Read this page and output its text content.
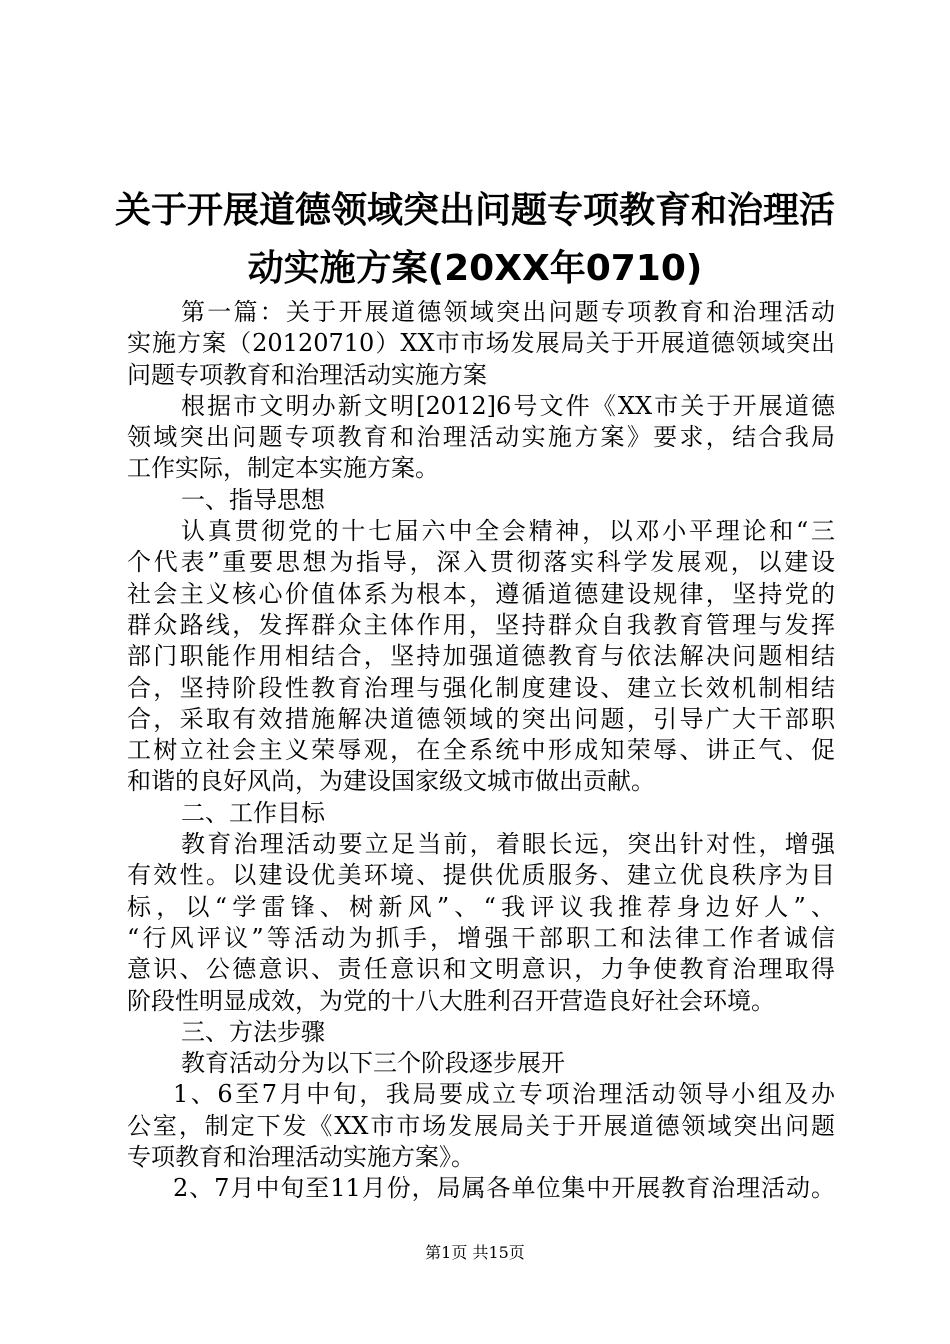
关于开展道德领域突出问题专项教育和治理活
动实施方案(20XX年0710)
第一篇：关于开展道德领域突出问题专项教育和治理活动
实施方案（20120710）XX市市场发展局关于开展道德领域突出
问题专项教育和治理活动实施方案
根据市文明办新文明[2012]6号文件《XX市关于开展道德
领域突出问题专项教育和治理活动实施方案》要求，结合我局
工作实际，制定本实施方案。
一、指导思想
认真贯彻党的十七届六中全会精神，以邓小平理论和“三
个代表”重要思想为指导，深入贯彻落实科学发展观，以建设
社会主义核心价值体系为根本，遵循道德建设规律，坚持党的
群众路线，发挥群众主体作用，坚持群众自我教育管理与发挥
部门职能作用相结合，坚持加强道德教育与依法解决问题相结
合，坚持阶段性教育治理与强化制度建设、建立长效机制相结
合，采取有效措施解决道德领域的突出问题，引导广大干部职
工树立社会主义荣辱观，在全系统中形成知荣辱、讲正气、促
和谐的良好风尚，为建设国家级文城市做出贡献。
二、工作目标
教育治理活动要立足当前，着眼长远，突出针对性，增强
有效性。以建设优美环境、提供优质服务、建立优良秩序为目
标，以“学雷锋、树新风”、“我评议我推荐身边好人”、
“行风评议”等活动为抓手，增强干部职工和法律工作者诚信
意识、公德意识、责任意识和文明意识，力争使教育治理取得
阶段性明显成效，为党的十八大胜利召开营造良好社会环境。
三、方法步骤
教育活动分为以下三个阶段逐步展开
1、6至7月中旬，我局要成立专项治理活动领导小组及办
公室，制定下发《XX市市场发展局关于开展道德领域突出问题
专项教育和治理活动实施方案》。
2、7月中旬至11月份，局属各单位集中开展教育治理活动。
第1页 共15页
